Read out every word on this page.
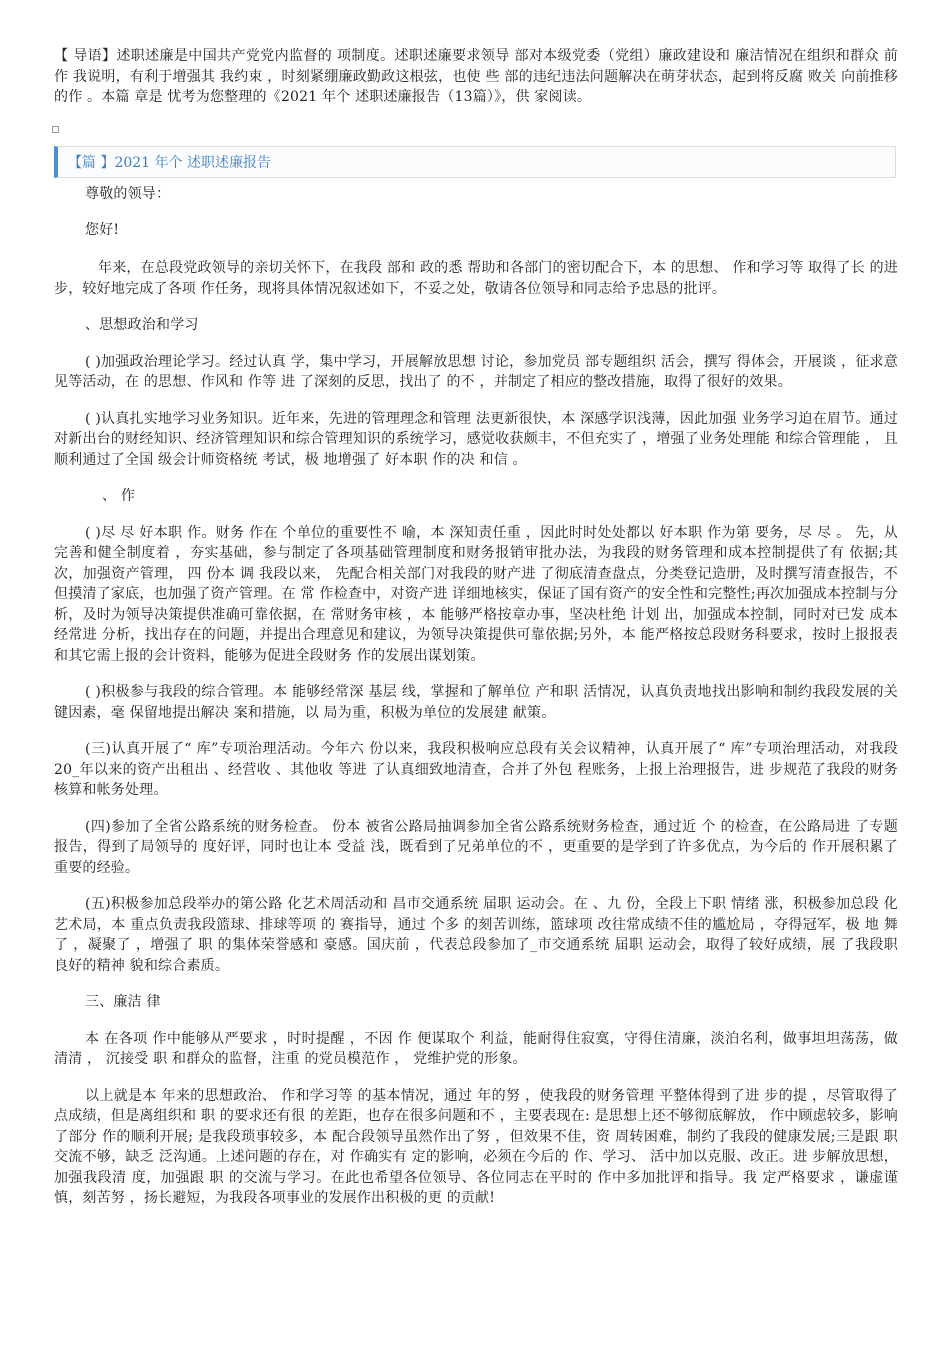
【 导语】述职述廉是中国共产党党内监督的 项制度。述职述廉要求领导 部对本级党委（党组）廉政建设和 廉洁情况在组织和群众 前作 我说明，有利于增强其 我约束 ，时刻紧绷廉政勤政这根弦，也使 些 部的违纪违法问题解决在萌芽状态，起到将反腐 败关 向前推移的作 。本篇 章是 忧考为您整理的《2021 年个 述职述廉报告（13篇）》，供 家阅读。
【篇 】2021 年个 述职述廉报告

尊敬的领导：

您好!

年来，在总段党政领导的亲切关怀下，在我段 部和 政的悉 帮助和各部门的密切配合下，本 的思想、 作和学习等 取得了长 的进步，较好地完成了各项 作任务，现将具体情况叙述如下，不妥之处，敬请各位领导和同志给予忠恳的批评。

、思想政治和学习

( )加强政治理论学习。经过认真 学，集中学习，开展解放思想 讨论，参加党员 部专题组织 活会，撰写 得体会，开展谈 ，征求意见等活动，在 的思想、作风和 作等 进 了深刻的反思，找出了 的不 ，并制定了相应的整改措施，取得了很好的效果。

( )认真扎实地学习业务知识。近年来，先进的管理理念和管理 法更新很快，本 深感学识浅薄，因此加强 业务学习迫在眉节。通过对新出台的财经知识、经济管理知识和综合管理知识的系统学习，感觉收获颇丰，不但充实了 ，增强了业务处理能 和综合管理能 ， 且顺利通过了全国 级会计师资格统 考试，极 地增强了 好本职 作的决 和信 。

、 作

( )尽 尽 好本职 作。财务 作在 个单位的重要性不 喻，本 深知责任重 ，因此时时处处都以 好本职 作为第 要务，尽 尽 。 先，从完善和健全制度着 ，夯实基础，参与制定了各项基础管理制度和财务报销审批办法，为我段的财务管理和成本控制提供了有 依据;其次，加强资产管理， 四 份本 调 我段以来， 先配合相关部门对我段的财产进 了彻底清查盘点，分类登记造册，及时撰写清查报告，不但摸清了家底，也加强了资产管理。在 常 作检查中，对资产进 详细地核实，保证了国有资产的安全性和完整性;再次加强成本控制与分析，及时为领导决策提供准确可靠依据，在 常财务审核 ，本 能够严格按章办事，坚决杜绝 计划 出，加强成本控制，同时对已发 成本经常进 分析，找出存在的问题，并提出合理意见和建议，为领导决策提供可靠依据;另外，本 能严格按总段财务科要求，按时上报报表和其它需上报的会计资料，能够为促进全段财务 作的发展出谋划策。

( )积极参与我段的综合管理。本 能够经常深 基层 线，掌握和了解单位 产和职 活情况，认真负责地找出影响和制约我段发展的关键因素，毫 保留地提出解决 案和措施，以 局为重，积极为单位的发展建 献策。

(三)认真开展了“ 库”专项治理活动。今年六 份以来，我段积极响应总段有关会议精神，认真开展了“ 库”专项治理活动，对我段20_年以来的资产出租出 、经营收 、其他收 等进 了认真细致地清查，合并了外包 程账务，上报上治理报告，进 步规范了我段的财务核算和帐务处理。

(四)参加了全省公路系统的财务检查。 份本 被省公路局抽调参加全省公路系统财务检查，通过近 个 的检查，在公路局进 了专题报告，得到了局领导的 度好评，同时也让本 受益 浅，既看到了兄弟单位的不 ，更重要的是学到了许多优点，为今后的 作开展积累了重要的经验。

(五)积极参加总段举办的第公路 化艺术周活动和 昌市交通系统 届职 运动会。在 、九 份，全段上下职 情绪 涨，积极参加总段 化艺术局，本 重点负责我段篮球、排球等项 的 赛指导，通过 个多 的刻苦训练，篮球项 改往常成绩不佳的尴尬局 ，夺得冠军，极 地 舞了 ，凝聚了 ，增强了 职 的集体荣誉感和 豪感。国庆前 ，代表总段参加了_市交通系统 届职 运动会，取得了较好成绩，展 了我段职 良好的精神 貌和综合素质。

三、廉洁 律

本 在各项 作中能够从严要求 ，时时提醒 ，不因 作 便谋取个 利益，能耐得住寂寞，守得住清廉，淡泊名利，做事坦坦荡荡，做 清清 ， 沉接受 职 和群众的监督，注重 的党员模范作 ， 党维护党的形象。

以上就是本 年来的思想政治、 作和学习等 的基本情况，通过 年的努 ，使我段的财务管理 平整体得到了进 步的提 ，尽管取得了 点成绩，但是离组织和 职 的要求还有很 的差距，也存在很多问题和不 ，主要表现在: 是思想上还不够彻底解放， 作中顾虑较多，影响了部分 作的顺利开展; 是我段琐事较多，本 配合段领导虽然作出了努 ，但效果不佳，资 周转困难，制约了我段的健康发展;三是跟 职 交流不够，缺乏 泛沟通。上述问题的存在，对 作确实有 定的影响，必须在今后的 作、学习、 活中加以克服、改正。进 步解放思想，加强我段清 度，加强跟 职 的交流与学习。在此也希望各位领导、各位同志在平时的 作中多加批评和指导。我 定严格要求 ，谦虚谨慎，刻苦努 ，扬长避短，为我段各项事业的发展作出积极的更 的贡献!
